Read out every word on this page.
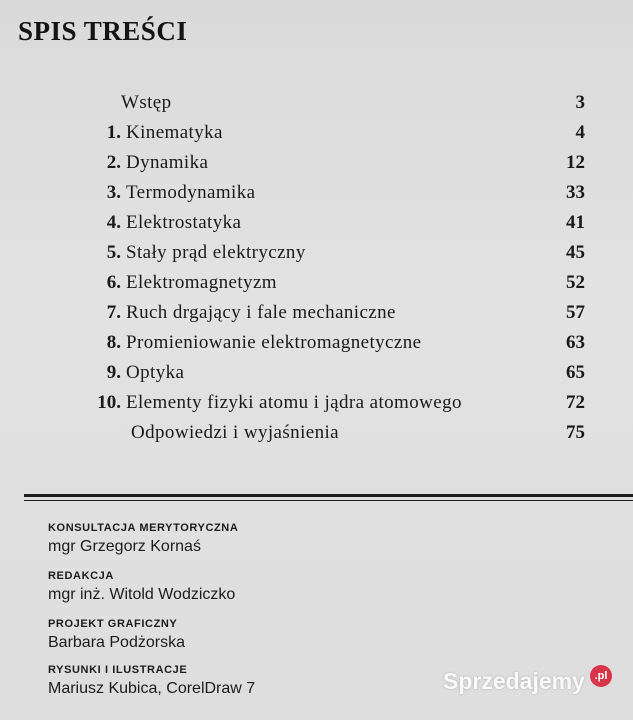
SPIS TREŚCI
Wstęp	3
1. Kinematyka	4
2. Dynamika	12
3. Termodynamika	33
4. Elektrostatyka	41
5. Stały prąd elektryczny	45
6. Elektromagnetyzm	52
7. Ruch drgający i fale mechaniczne	57
8. Promieniowanie elektromagnetyczne	63
9. Optyka	65
10. Elementy fizyki atomu i jądra atomowego	72
Odpowiedzi i wyjaśnienia	75
KONSULTACJA MERYTORYCZNA
mgr Grzegorz Kornaś
REDAKCJA
mgr inż. Witold Wodziczko
PROJEKT GRAFICZNY
Barbara Podżorska
RYSUNKI I ILUSTRACJE
Mariusz Kubica, CorelDraw 7	Sprzedajemy .pl
